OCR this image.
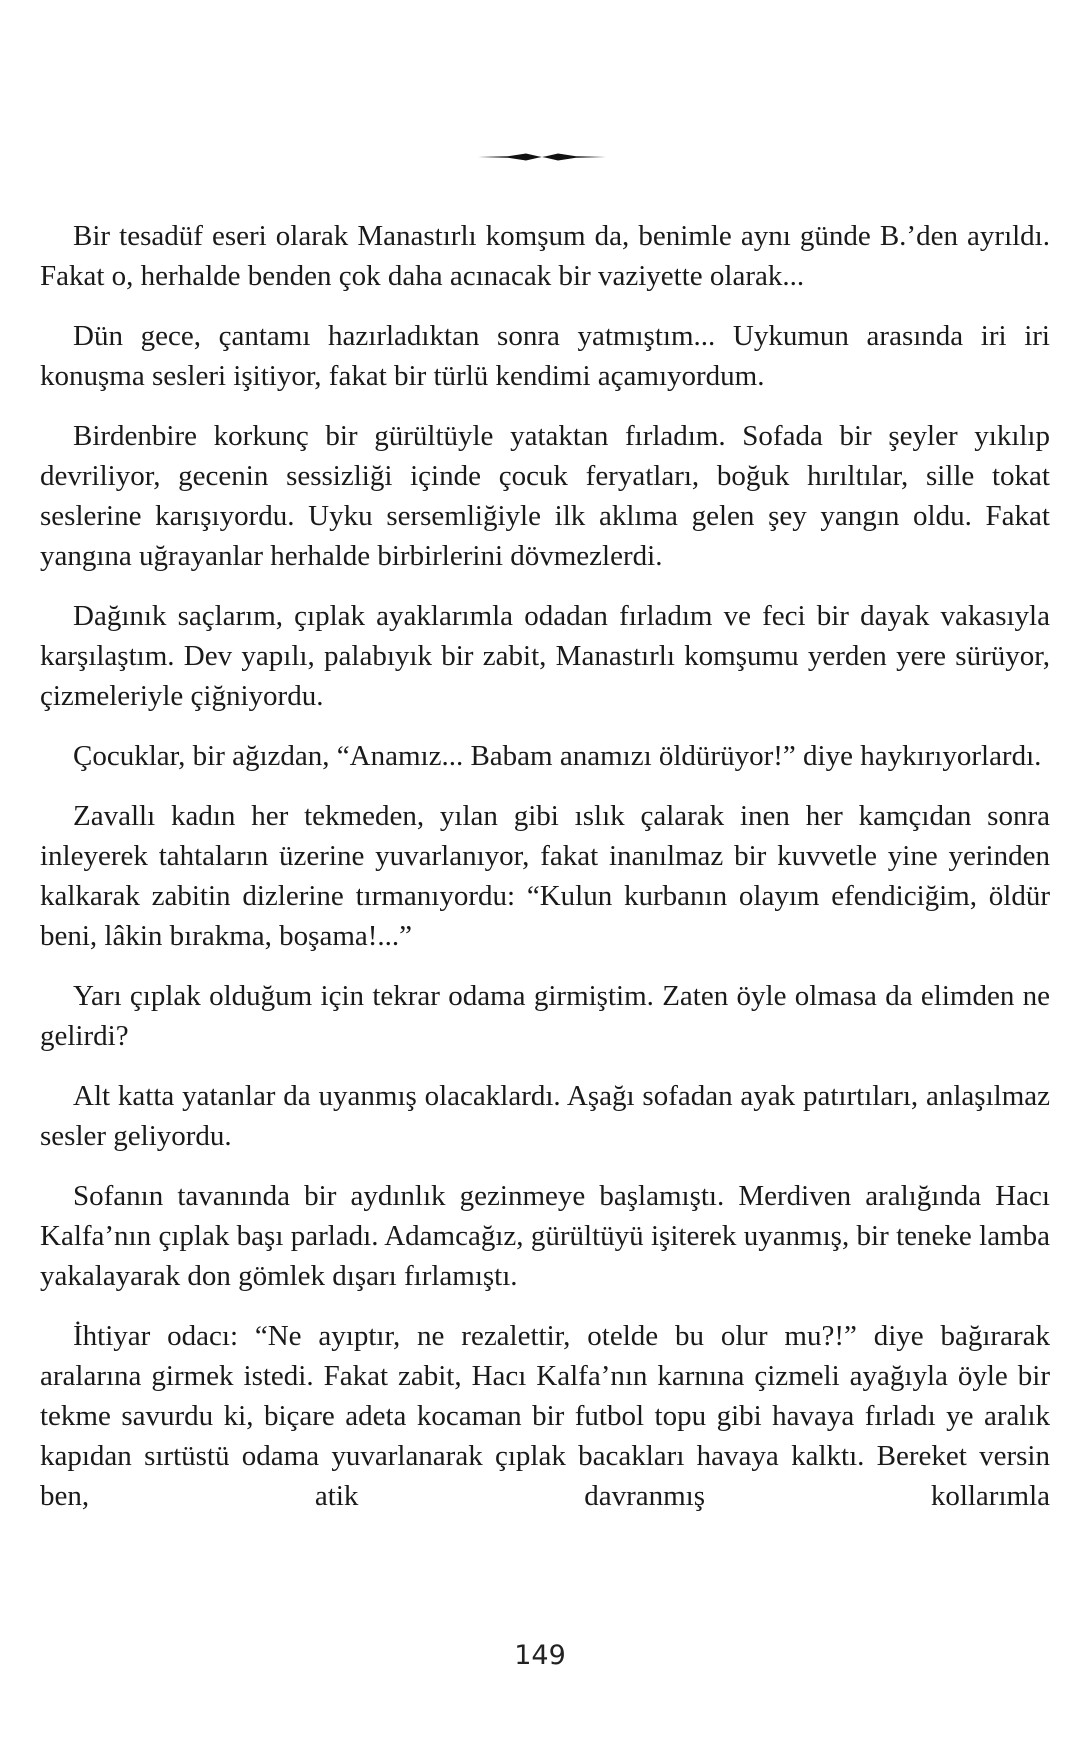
Bir tesadüf eseri olarak Manastırlı komşum da, benimle aynı günde B.’den ayrıldı. Fakat o, herhalde benden çok daha acınacak bir vaziyette olarak...

Dün gece, çantamı hazırladıktan sonra yatmıştım... Uykumun arasında iri iri konuşma sesleri işitiyor, fakat bir türlü kendimi açamıyordum.

Birdenbire korkunç bir gürültüyle yataktan fırladım. Sofada bir şeyler yıkılıp devriliyor, gecenin sessizliği içinde çocuk feryatları, boğuk hırıltılar, sille tokat seslerine karışıyordu. Uyku sersemliğiyle ilk aklıma gelen şey yangın oldu. Fakat yangına uğrayanlar herhalde birbirlerini dövmezlerdi.

Dağınık saçlarım, çıplak ayaklarımla odadan fırladım ve feci bir dayak vakasıyla karşılaştım. Dev yapılı, palabıyık bir zabit, Manastırlı komşumu yerden yere sürüyor, çizmeleriyle çiğniyordu.

Çocuklar, bir ağızdan, “Anamız... Babam anamızı öldürüyor!” diye haykırıyorlardı.

Zavallı kadın her tekmeden, yılan gibi ıslık çalarak inen her kamçıdan sonra inleyerek tahtaların üzerine yuvarlanıyor, fakat inanılmaz bir kuvvetle yine yerinden kalkarak zabitin dizlerine tırmanıyordu: “Kulun kurbanın olayım efendiciğim, öldür beni, lâkin bırakma, boşama!...”

Yarı çıplak olduğum için tekrar odama girmiştim. Zaten öyle olmasa da elimden ne gelirdi?

Alt katta yatanlar da uyanmış olacaklardı. Aşağı sofadan ayak patırtıları, anlaşılmaz sesler geliyordu.

Sofanın tavanında bir aydınlık gezinmeye başlamıştı. Merdiven aralığında Hacı Kalfa’nın çıplak başı parladı. Adamcağız, gürültüyü işiterek uyanmış, bir teneke lamba yakalayarak don gömlek dışarı fırlamıştı.

İhtiyar odacı: “Ne ayıptır, ne rezalettir, otelde bu olur mu?!” diye bağırarak aralarına girmek istedi. Fakat zabit, Hacı Kalfa’nın karnına çizmeli ayağıyla öyle bir tekme savurdu ki, biçare adeta kocaman bir futbol topu gibi havaya fırladı ye aralık kapıdan sırtüstü odama yuvarlanarak çıplak bacakları havaya kalktı. Bereket versin ben, atik davranmış kollarımla

149
